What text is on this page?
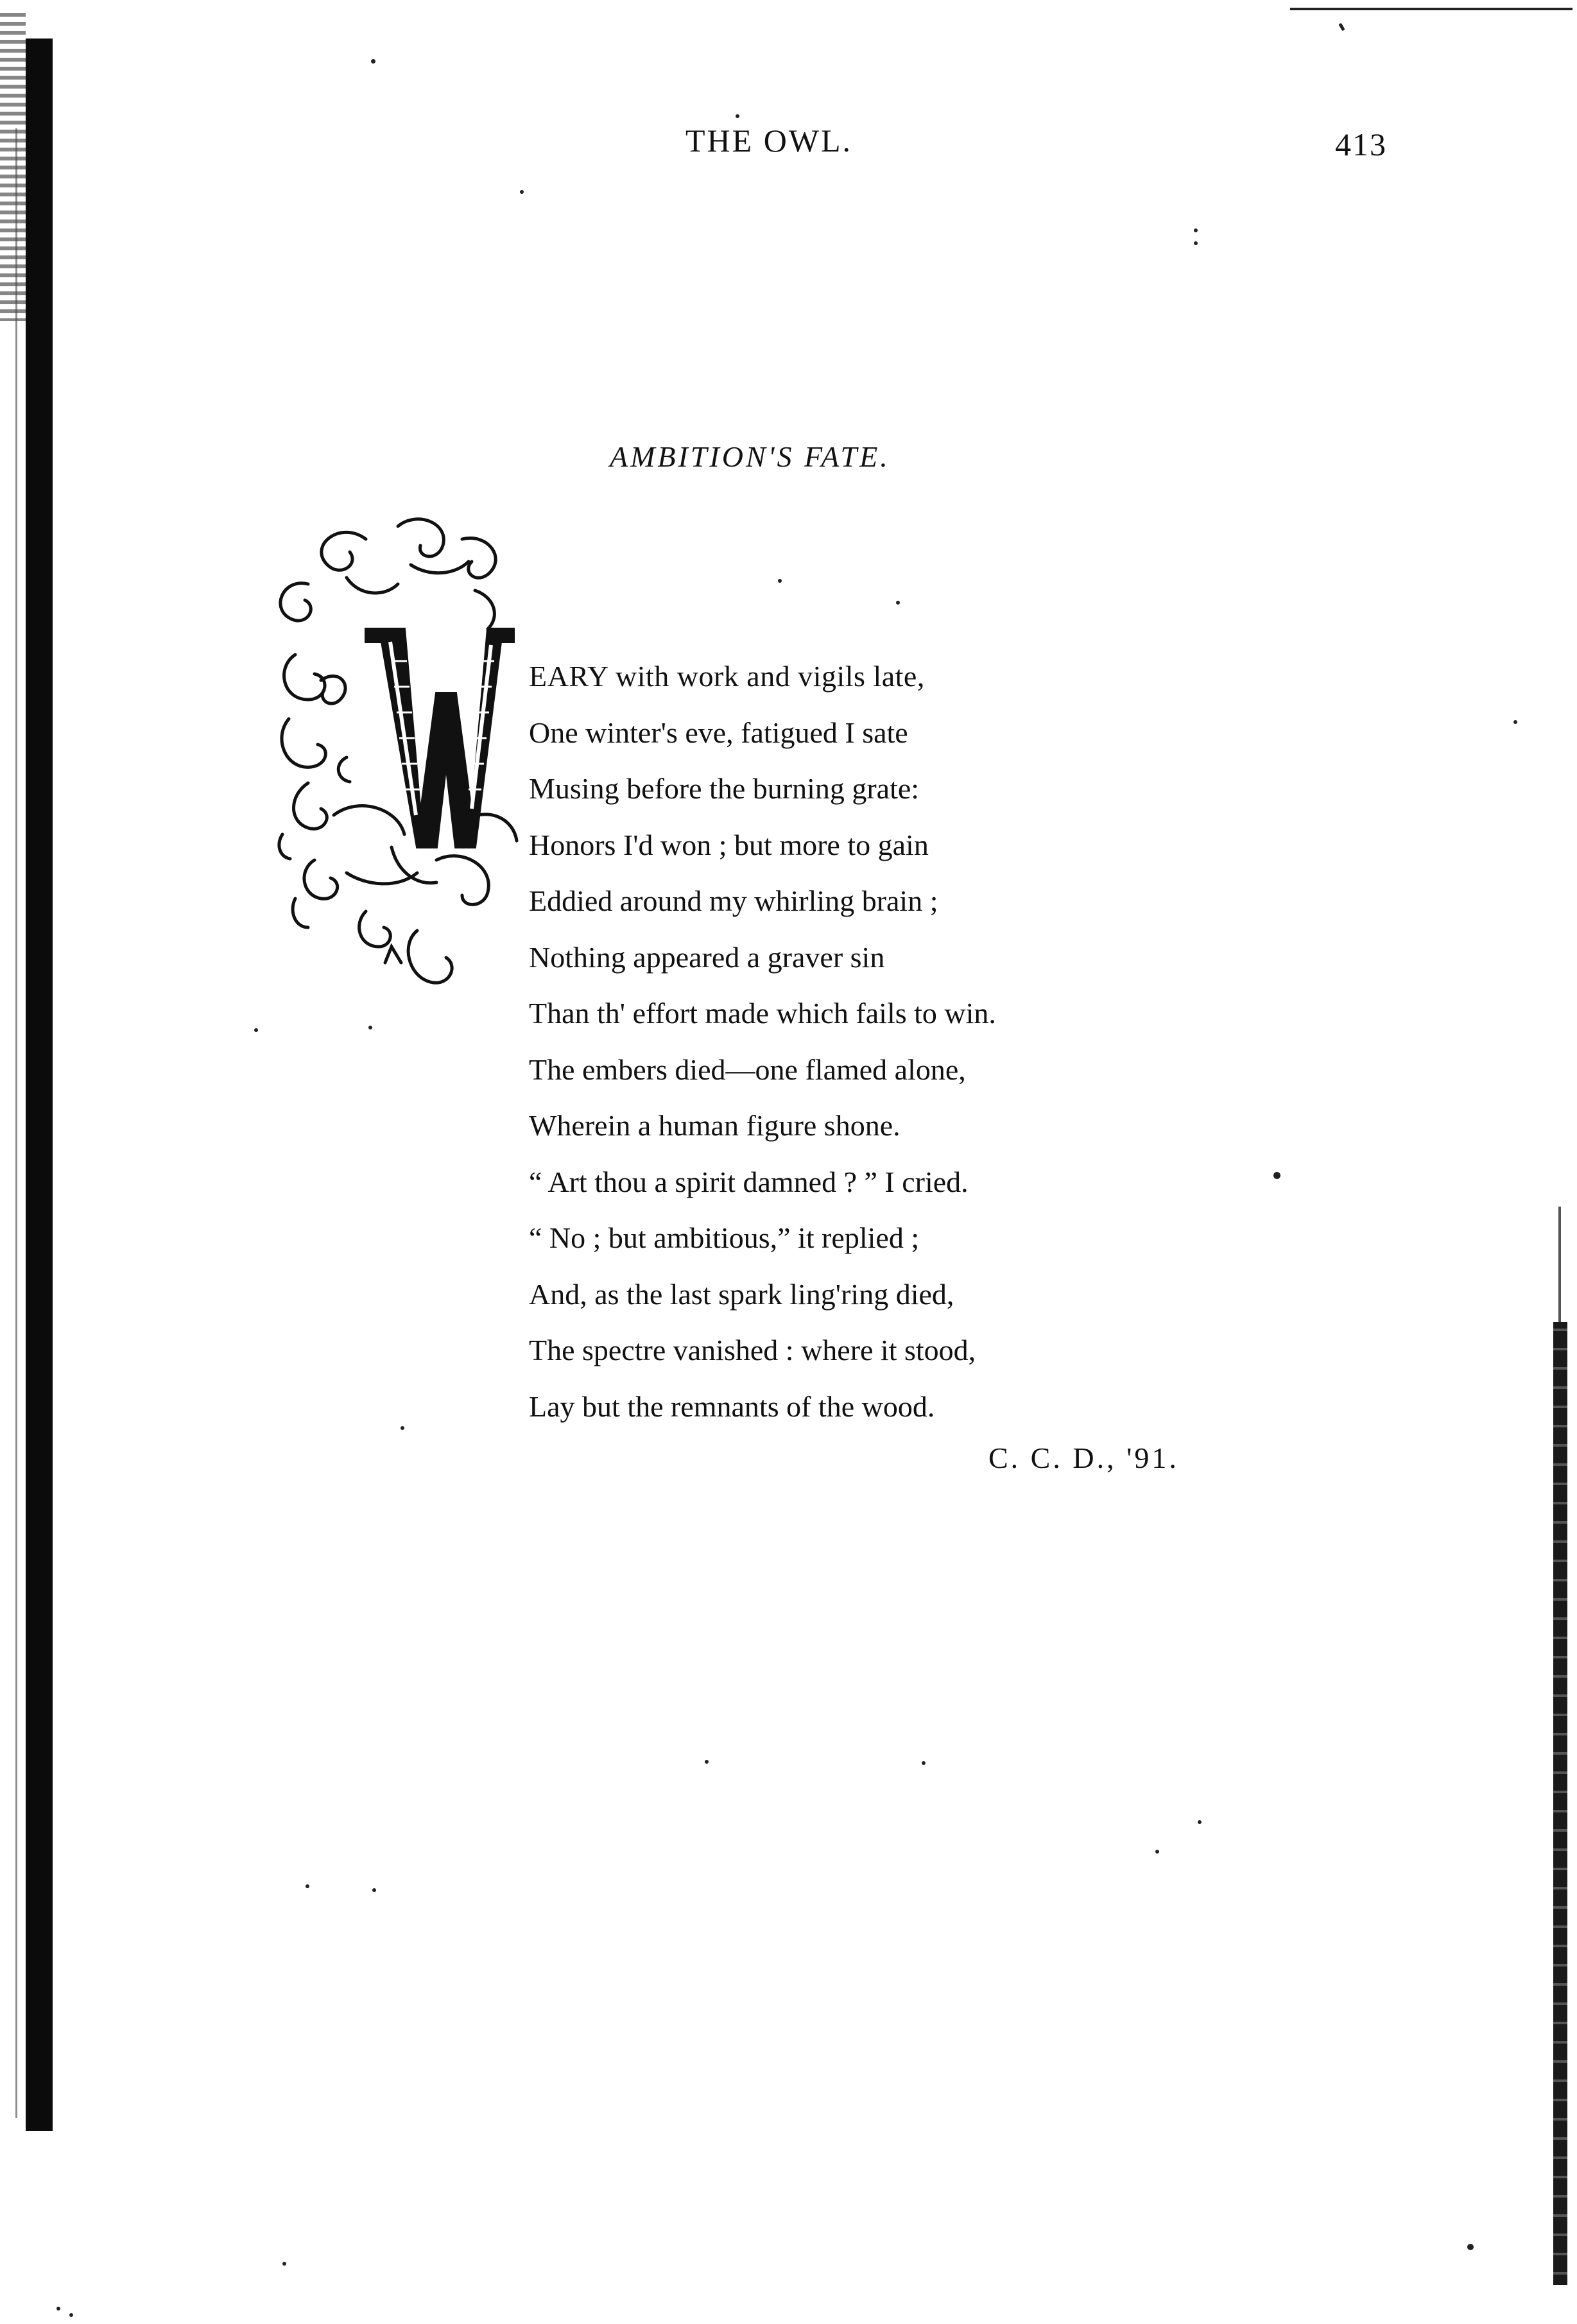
THE OWL.	413
AMBITION'S FATE.
EARY with work and vigils late,
One winter's eve, fatigued I sate
Musing before the burning grate:
Honors I'd won ; but more to gain
Eddied around my whirling brain ;
Nothing appeared a graver sin
Than th' effort made which fails to win.
The embers died—one flamed alone,
Wherein a human figure shone.
“ Art thou a spirit damned ? ” I cried.
“ No ; but ambitious,” it replied ;
And, as the last spark ling'ring died,
The spectre vanished : where it stood,
Lay but the remnants of the wood.
C. C. D., '91.
